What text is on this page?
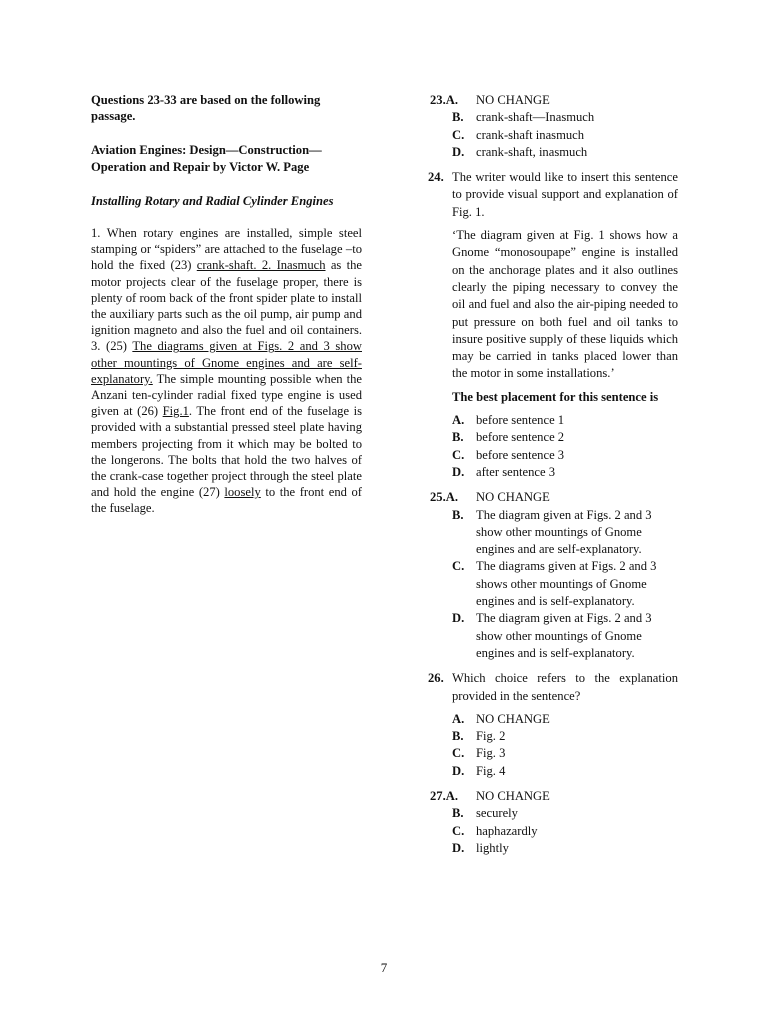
Questions 23-33 are based on the following passage.

Aviation Engines: Design—Construction—Operation and Repair by Victor W. Page

Installing Rotary and Radial Cylinder Engines

1. When rotary engines are installed, simple steel stamping or “spiders” are attached to the fuselage –to hold the fixed (23) crank-shaft. 2. Inasmuch as the motor projects clear of the fuselage proper, there is plenty of room back of the front spider plate to install the auxiliary parts such as the oil pump, air pump and ignition magneto and also the fuel and oil containers. 3. (25) The diagrams given at Figs. 2 and 3 show other mountings of Gnome engines and are self-explanatory. The simple mounting possible when the Anzani ten-cylinder radial fixed type engine is used given at (26) Fig.1. The front end of the fuselage is provided with a substantial pressed steel plate having members projecting from it which may be bolted to the longerons. The bolts that hold the two halves of the crank-case together project through the steel plate and hold the engine (27) loosely to the front end of the fuselage.

23.A.	NO CHANGE
B. crank-shaft—Inasmuch
C. crank-shaft inasmuch
D. crank-shaft, inasmuch
24. The writer would like to insert this sentence to provide visual support and explanation of Fig. 1.

‘The diagram given at Fig. 1 shows how a Gnome “monosoupape” engine is installed on the anchorage plates and it also outlines clearly the piping necessary to convey the oil and fuel and also the air-piping needed to put pressure on both fuel and oil tanks to insure positive supply of these liquids which may be carried in tanks placed lower than the motor in some installations.’

The best placement for this sentence is

A. before sentence 1
B. before sentence 2
C. before sentence 3
D. after sentence 3
25.A.	NO CHANGE
B. The diagram given at Figs. 2 and 3 show other mountings of Gnome engines and are self-explanatory.
C. The diagrams given at Figs. 2 and 3 shows other mountings of Gnome engines and is self-explanatory.
D. The diagram given at Figs. 2 and 3 show other mountings of Gnome engines and is self-explanatory.
26. Which choice refers to the explanation provided in the sentence?
A. NO CHANGE
B. Fig. 2
C. Fig. 3
D. Fig. 4
27.A.	NO CHANGE
B. securely
C. haphazardly
D. lightly
7
